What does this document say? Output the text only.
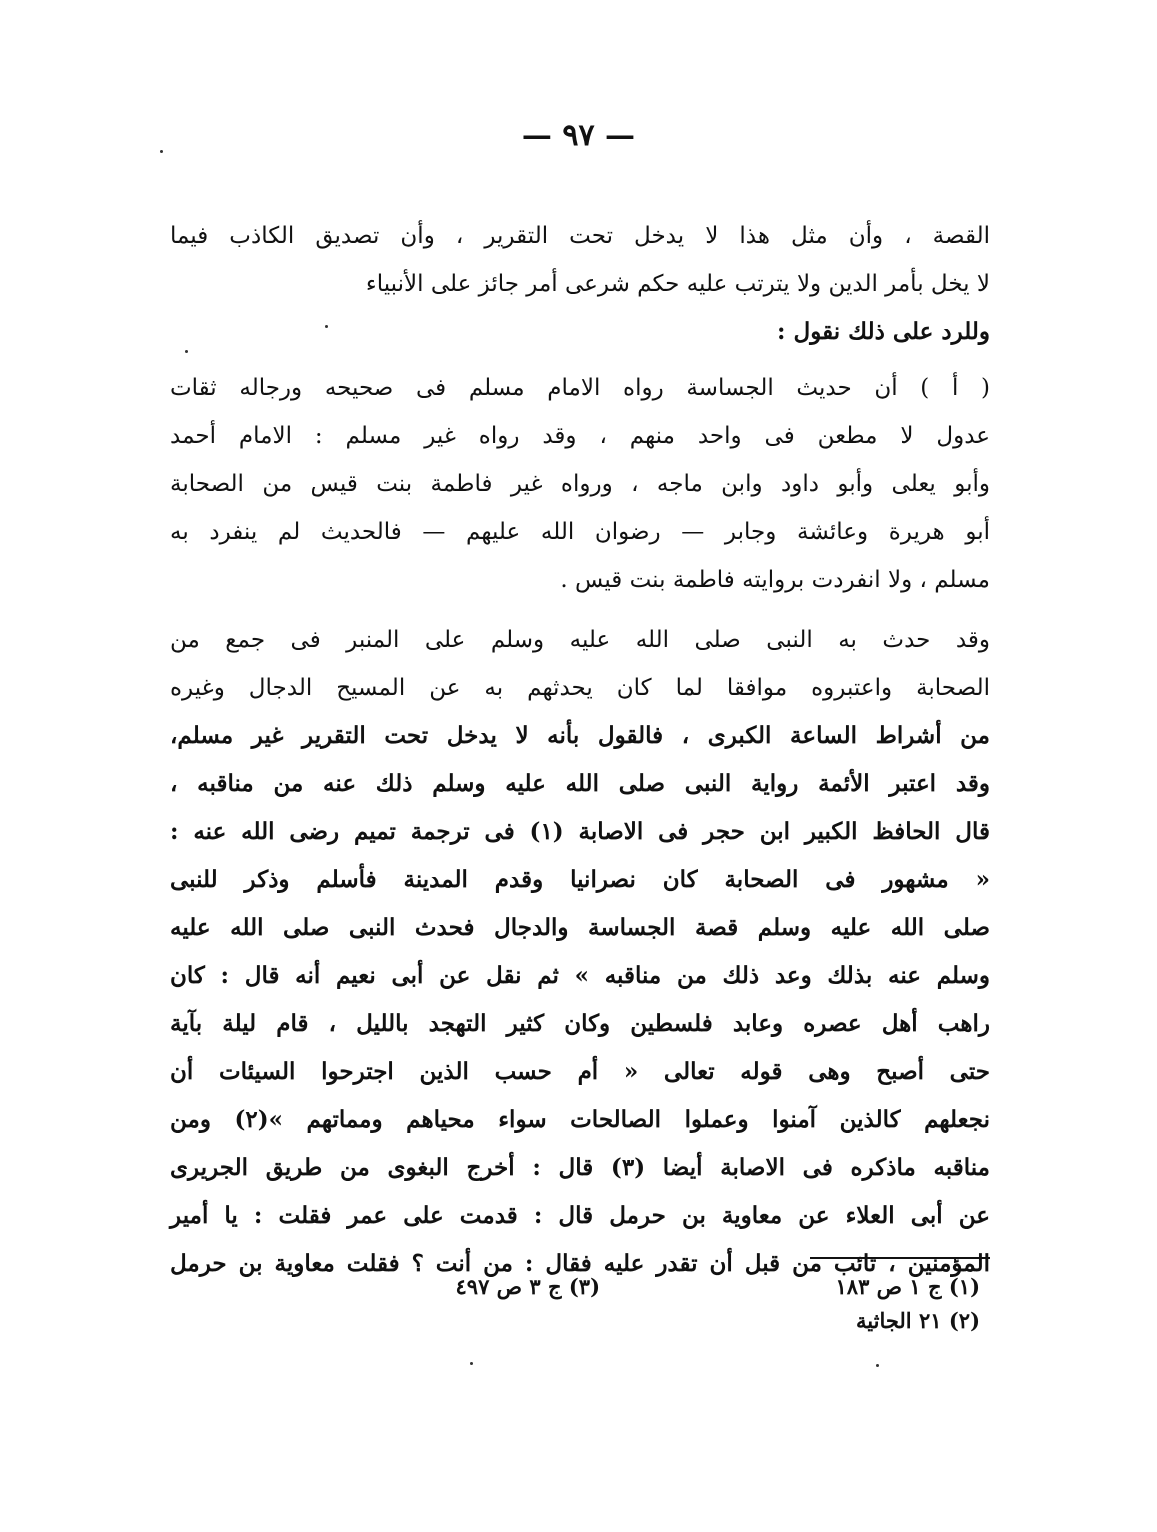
— ٩٧ —
القصة ، وأن مثل هذا لا يدخل تحت التقرير ، وأن تصديق الكاذب فيما
لا يخل بأمر الدين ولا يترتب عليه حكم شرعى أمر جائز على الأنبياء
وللرد على ذلك نقول :
( أ ) أن حديث الجساسة رواه الامام مسلم فى صحيحه ورجاله ثقات
عدول لا مطعن فى واحد منهم ، وقد رواه غير مسلم : الامام أحمد
وأبو يعلى وأبو داود وابن ماجه ، ورواه غير فاطمة بنت قيس من الصحابة
أبو هريرة وعائشة وجابر — رضوان الله عليهم — فالحديث لم ينفرد به
مسلم ، ولا انفردت بروايته فاطمة بنت قيس .
وقد حدث به النبى صلى الله عليه وسلم على المنبر فى جمع من
الصحابة واعتبروه موافقا لما كان يحدثهم به عن المسيح الدجال وغيره
من أشراط الساعة الكبرى ، فالقول بأنه لا يدخل تحت التقرير غير مسلم،
وقد اعتبر الأئمة رواية النبى صلى الله عليه وسلم ذلك عنه من مناقبه ،
قال الحافظ الكبير ابن حجر فى الاصابة (١) فى ترجمة تميم رضى الله عنه :
« مشهور فى الصحابة كان نصرانيا وقدم المدينة فأسلم وذكر للنبى
صلى الله عليه وسلم قصة الجساسة والدجال فحدث النبى صلى الله عليه
وسلم عنه بذلك وعد ذلك من مناقبه » ثم نقل عن أبى نعيم أنه قال : كان
راهب أهل عصره وعابد فلسطين وكان كثير التهجد بالليل ، قام ليلة بآية
حتى أصبح وهى قوله تعالى « أم حسب الذين اجترحوا السيئات أن
نجعلهم كالذين آمنوا وعملوا الصالحات سواء محياهم ومماتهم »(٢) ومن
مناقبه ماذكره فى الاصابة أيضا (٣) قال : أخرج البغوى من طريق الجريرى
عن أبى العلاء عن معاوية بن حرمل قال : قدمت على عمر فقلت : يا أمير
المؤمنين ، تائب من قبل أن تقدر عليه فقال : من أنت ؟ فقلت معاوية بن حرمل
(١) ج ١ ص ١٨٣
(٢) ٢١ الجاثية
(٣) ج ٣ ص ٤٩٧
